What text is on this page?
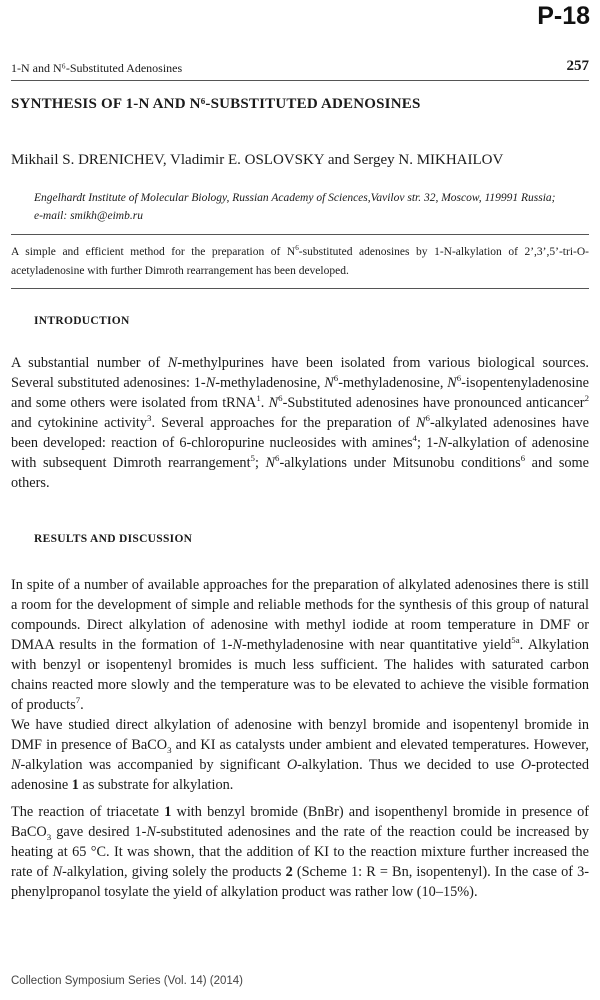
P-18
1-N and N⁶-Substituted Adenosines	257
SYNTHESIS OF 1-N AND N⁶-SUBSTITUTED ADENOSINES
Mikhail S. DRENICHEV, Vladimir E. OSLOVSKY and Sergey N. MIKHAILOV
Engelhardt Institute of Molecular Biology, Russian Academy of Sciences,Vavilov str. 32, Moscow, 119991 Russia;
e-mail: smikh@eimb.ru
A simple and efficient method for the preparation of $N^6$-substituted adenosines by 1-N-alkylation of 2’,3’,5’-tri-O-acetyladenosine with further Dimroth rearrangement has been developed.
INTRODUCTION

A substantial number of N-methylpurines have been isolated from various biological sources. Several substituted adenosines: 1-N-methyladenosine, $N^6$-methyladenosine, $N^6$-isopentenyladenosine and some others were isolated from tRNA$^1$. $N^6$-Substituted adenosines have pronounced anticancer$^2$ and cytokinine activity$^3$. Several approaches for the preparation of $N^6$-alkylated adenosines have been developed: reaction of 6-chloropurine nucleosides with amines$^4$; 1-N-alkylation of adenosine with subsequent Dimroth rearrangement$^5$; $N^6$-alkylations under Mitsunobu conditions$^6$ and some others.

RESULTS AND DISCUSSION

In spite of a number of available approaches for the preparation of alkylated adenosines there is still a room for the development of simple and reliable methods for the synthesis of this group of natural compounds. Direct alkylation of adenosine with methyl iodide at room temperature in DMF or DMAA results in the formation of 1-N-methyladenosine with near quantitative yield$^{5a}$. Alkylation with benzyl or isopentenyl bromides is much less sufficient. The halides with saturated carbon chains reacted more slowly and the temperature was to be elevated to achieve the visible formation of products$^7$.

We have studied direct alkylation of adenosine with benzyl bromide and isopentenyl bromide in DMF in presence of BaCO$_3$ and KI as catalysts under ambient and elevated temperatures. However, N-alkylation was accompanied by significant O-alkylation. Thus we decided to use O-protected adenosine 1 as substrate for alkylation.

The reaction of triacetate 1 with benzyl bromide (BnBr) and isopenthenyl bromide in presence of BaCO$_3$ gave desired 1-N-substituted adenosines and the rate of the reaction could be increased by heating at 65 °C. It was shown, that the addition of KI to the reaction mixture further increased the rate of N-alkylation, giving solely the products 2 (Scheme 1: R = Bn, isopentenyl). In the case of 3-phenylpropanol tosylate the yield of alkylation product was rather low (10–15%).

Collection Symposium Series (Vol. 14) (2014)
